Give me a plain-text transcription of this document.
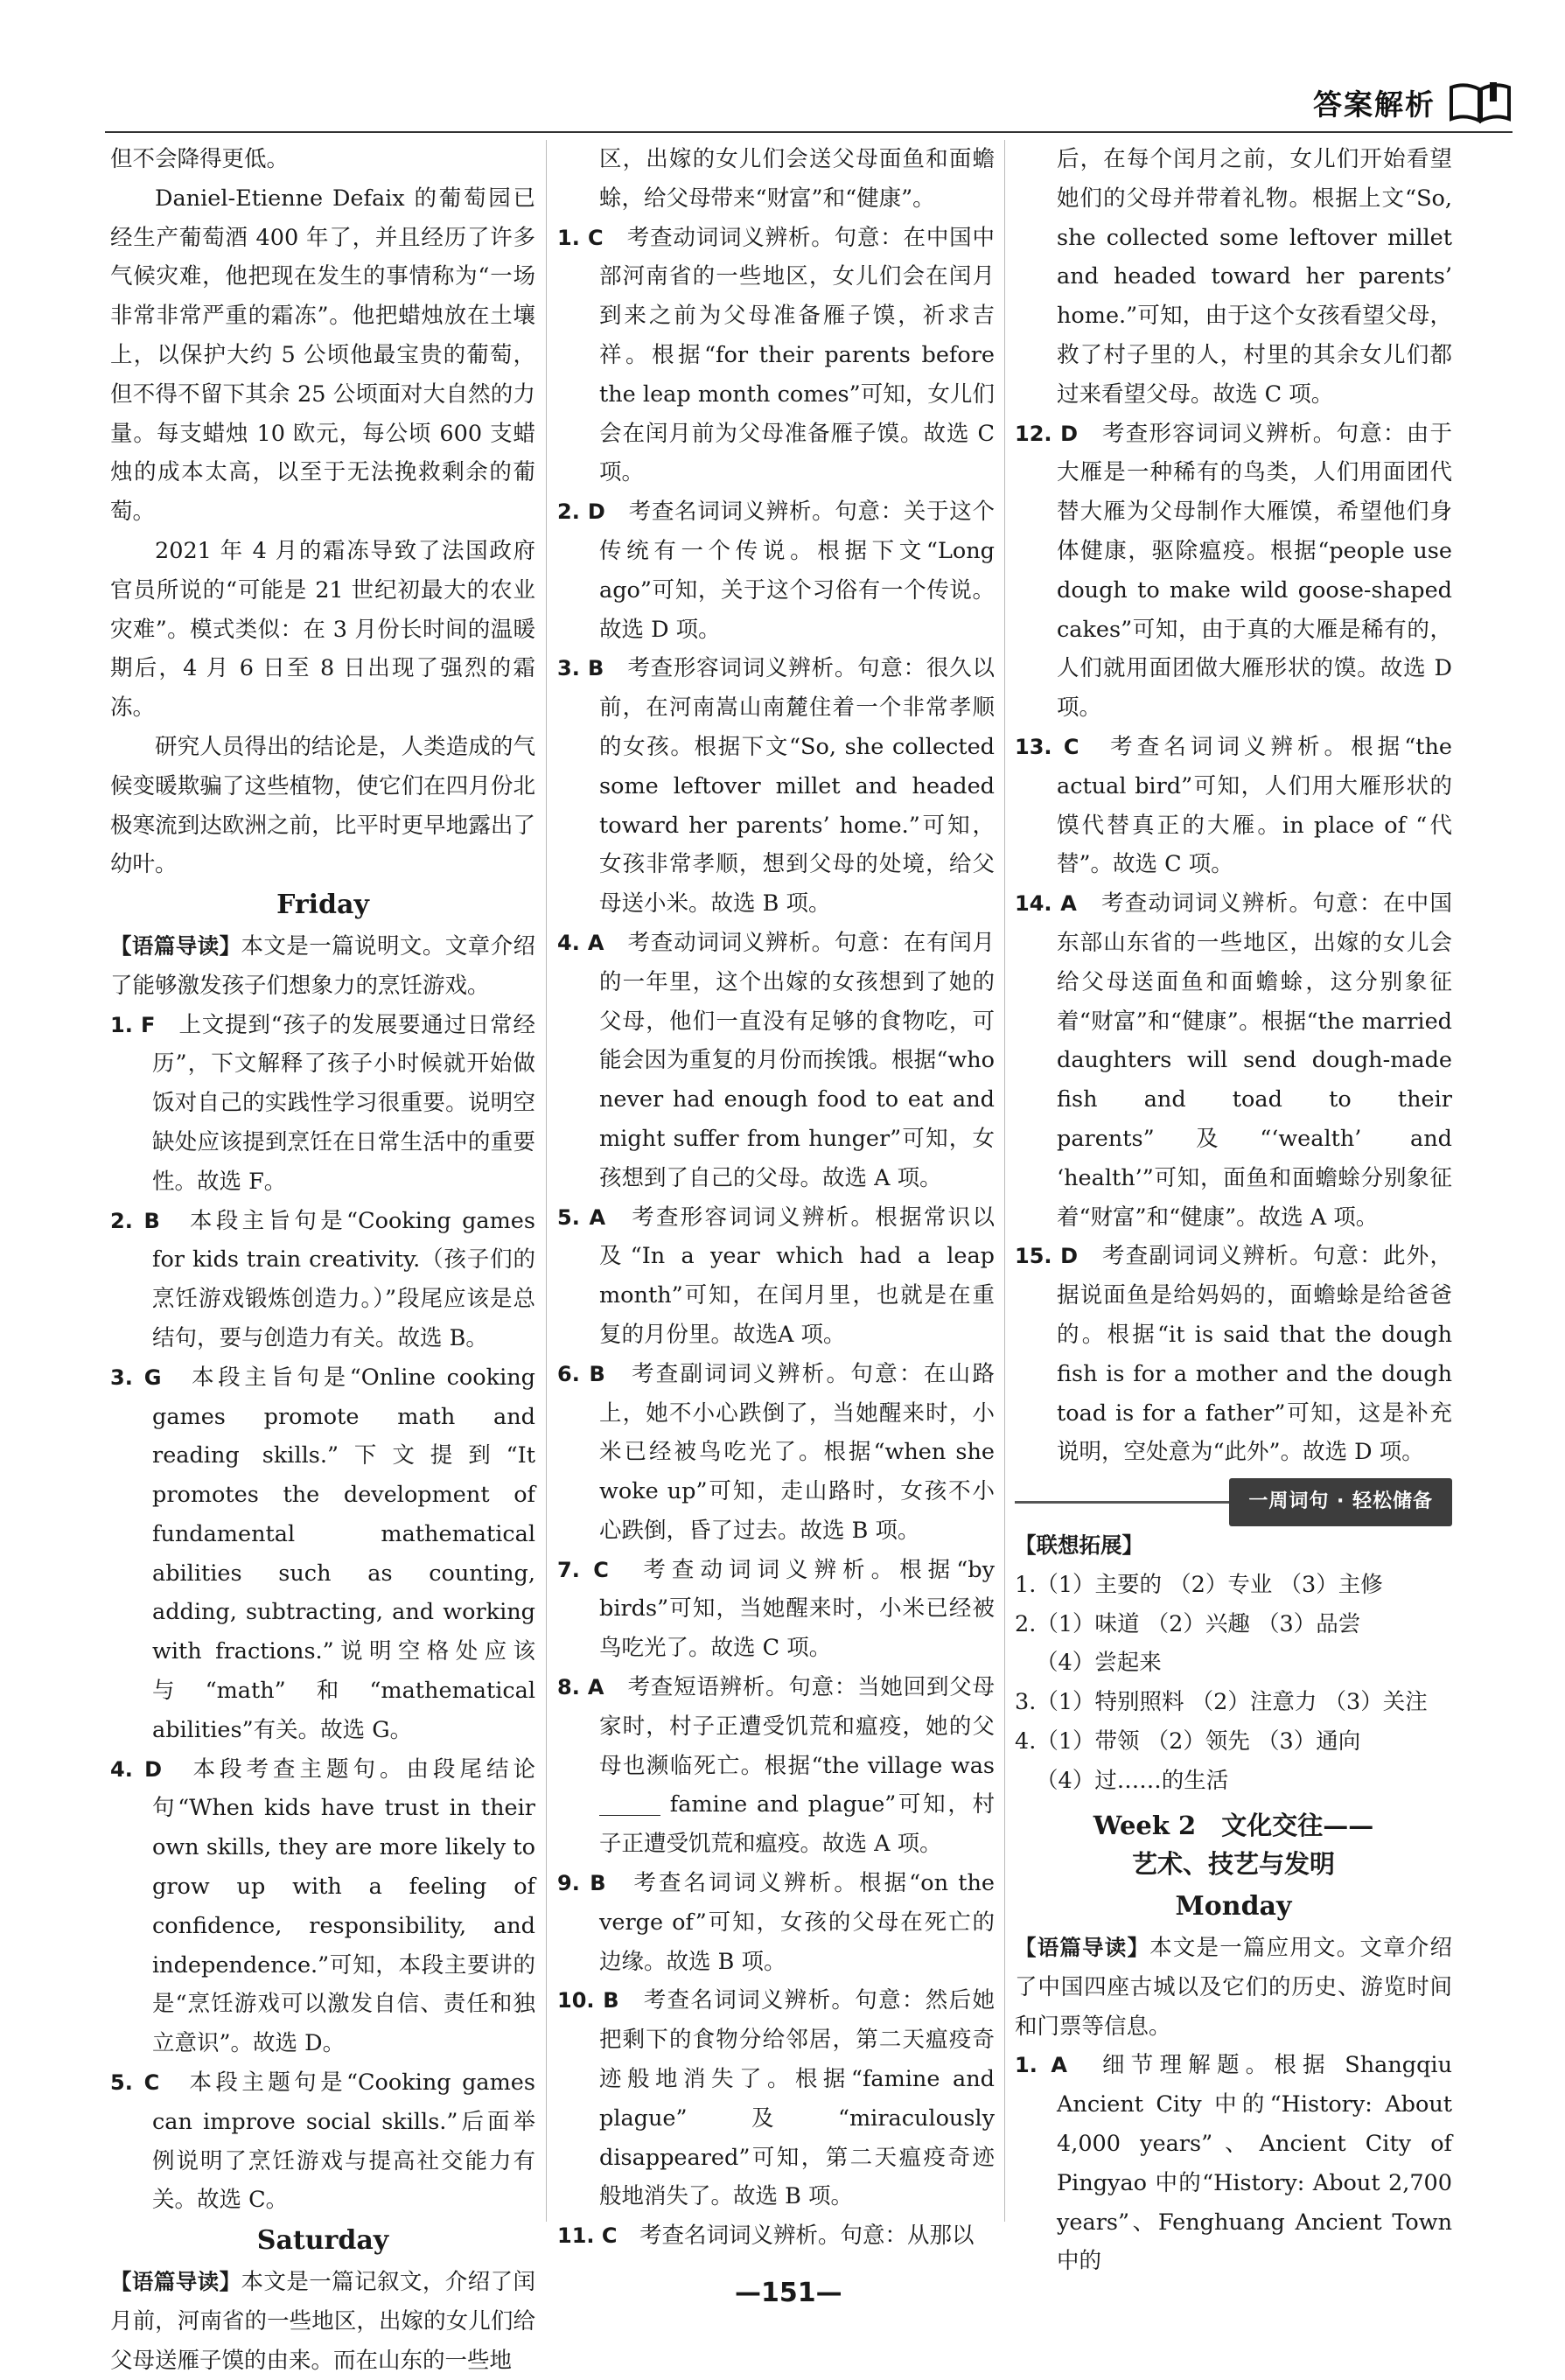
答案解析

但不会降得更低。

Daniel-Etienne Defaix 的葡萄园已经生产葡萄酒 400 年了，并且经历了许多气候灾难，他把现在发生的事情称为“一场非常非常严重的霜冻”。他把蜡烛放在土壤上，以保护大约 5 公顷他最宝贵的葡萄，但不得不留下其余 25 公顷面对大自然的力量。每支蜡烛 10 欧元，每公顷 600 支蜡烛的成本太高，以至于无法挽救剩余的葡萄。

2021 年 4 月的霜冻导致了法国政府官员所说的“可能是 21 世纪初最大的农业灾难”。模式类似：在 3 月份长时间的温暖期后，4 月 6 日至 8 日出现了强烈的霜冻。

研究人员得出的结论是，人类造成的气候变暖欺骗了这些植物，使它们在四月份北极寒流到达欧洲之前，比平时更早地露出了幼叶。

Friday

【语篇导读】本文是一篇说明文。文章介绍了能够激发孩子们想象力的烹饪游戏。

1. F　 上文提到“孩子的发展要通过日常经历”，下文解释了孩子小时候就开始做饭对自己的实践性学习很重要。说明空缺处应该提到烹饪在日常生活中的重要性。故选 F。

2. B　 本段主旨句是“Cooking games for kids train creativity.（孩子们的烹饪游戏锻炼创造力。）”段尾应该是总结句，要与创造力有关。故选 B。

3. G　 本段主旨句是“Online cooking games promote math and reading skills.”下文提到“It promotes the development of fundamental mathematical abilities such as counting, adding, subtracting, and working with fractions.”说明空格处应该与“math”和“mathematical abilities”有关。故选 G。

4. D　 本段考查主题句。由段尾结论句“When kids have trust in their own skills, they are more likely to grow up with a feeling of confidence, responsibility, and independence.”可知，本段主要讲的是“烹饪游戏可以激发自信、责任和独立意识”。故选 D。

5. C　 本段主题句是“Cooking games can improve social skills.”后面举例说明了烹饪游戏与提高社交能力有关。故选 C。

Saturday

【语篇导读】本文是一篇记叙文，介绍了闰月前，河南省的一些地区，出嫁的女儿们给父母送雁子馍的由来。而在山东的一些地

区，出嫁的女儿们会送父母面鱼和面蟾蜍，给父母带来“财富”和“健康”。

1. C　 考查动词词义辨析。句意：在中国中部河南省的一些地区，女儿们会在闰月到来之前为父母准备雁子馍，祈求吉祥。根据“for their parents before the leap month comes”可知，女儿们会在闰月前为父母准备雁子馍。故选 C 项。

2. D　 考查名词词义辨析。句意：关于这个传统有一个传说。根据下文“Long ago”可知，关于这个习俗有一个传说。故选 D 项。

3. B　 考查形容词词义辨析。句意：很久以前，在河南嵩山南麓住着一个非常孝顺的女孩。根据下文“So, she collected some leftover millet and headed toward her parents’ home.”可知，女孩非常孝顺，想到父母的处境，给父母送小米。故选 B 项。

4. A　 考查动词词义辨析。句意：在有闰月的一年里，这个出嫁的女孩想到了她的父母，他们一直没有足够的食物吃，可能会因为重复的月份而挨饿。根据“who never had enough food to eat and might suffer from hunger”可知，女孩想到了自己的父母。故选 A 项。

5. A　 考查形容词词义辨析。根据常识以及“In a year which had a leap month”可知，在闰月里，也就是在重复的月份里。故选A 项。

6. B　 考查副词词义辨析。句意：在山路上，她不小心跌倒了，当她醒来时，小米已经被鸟吃光了。根据“when she woke up”可知，走山路时，女孩不小心跌倒，昏了过去。故选 B 项。

7. C　 考查动词词义辨析。根据“by birds”可知，当她醒来时，小米已经被鸟吃光了。故选 C 项。

8. A　 考查短语辨析。句意：当她回到父母家时，村子正遭受饥荒和瘟疫，她的父母也濒临死亡。根据“the village was  famine and plague”可知，村子正遭受饥荒和瘟疫。故选 A 项。

9. B　 考查名词词义辨析。根据“on the verge of”可知，女孩的父母在死亡的边缘。故选 B 项。

10. B　 考查名词词义辨析。句意：然后她把剩下的食物分给邻居，第二天瘟疫奇迹般地消失了。根据“famine and plague”及“miraculously disappeared”可知，第二天瘟疫奇迹般地消失了。故选 B 项。

11. C　 考查名词词义辨析。句意：从那以

后，在每个闰月之前，女儿们开始看望她们的父母并带着礼物。根据上文“So, she collected some leftover millet and headed toward her parents’ home.”可知，由于这个女孩看望父母，救了村子里的人，村里的其余女儿们都过来看望父母。故选 C 项。

12. D　 考查形容词词义辨析。句意：由于大雁是一种稀有的鸟类，人们用面团代替大雁为父母制作大雁馍，希望他们身体健康，驱除瘟疫。根据“people use dough to make wild goose-shaped cakes”可知，由于真的大雁是稀有的，人们就用面团做大雁形状的馍。故选 D 项。

13. C　 考查名词词义辨析。根据“the actual bird”可知，人们用大雁形状的馍代替真正的大雁。in place of “代替”。故选 C 项。

14. A　 考查动词词义辨析。句意：在中国东部山东省的一些地区，出嫁的女儿会给父母送面鱼和面蟾蜍，这分别象征着“财富”和“健康”。根据“the married daughters will send dough-made fish and toad to their parents”及“‘wealth’ and ‘health’”可知，面鱼和面蟾蜍分别象征着“财富”和“健康”。故选 A 项。

15. D　 考查副词词义辨析。句意：此外，据说面鱼是给妈妈的，面蟾蜍是给爸爸的。根据“it is said that the dough fish is for a mother and the dough toad is for a father”可知，这是补充说明，空处意为“此外”。故选 D 项。

一周词句 · 轻松储备

【联想拓展】

1.（1）主要的 （2）专业 （3）主修

2.（1）味道 （2）兴趣 （3）品尝

（4）尝起来

3.（1）特别照料 （2）注意力 （3）关注

4.（1）带领 （2）领先 （3）通向

（4）过……的生活

Week 2　文化交往——
艺术、技艺与发明
Monday

【语篇导读】本文是一篇应用文。文章介绍了中国四座古城以及它们的历史、游览时间和门票等信息。

1. A　 细节理解题。根据 Shangqiu Ancient City 中的“History: About 4,000 years”、Ancient City of Pingyao 中的“History: About 2,700 years”、Fenghuang Ancient Town 中的

—151—
